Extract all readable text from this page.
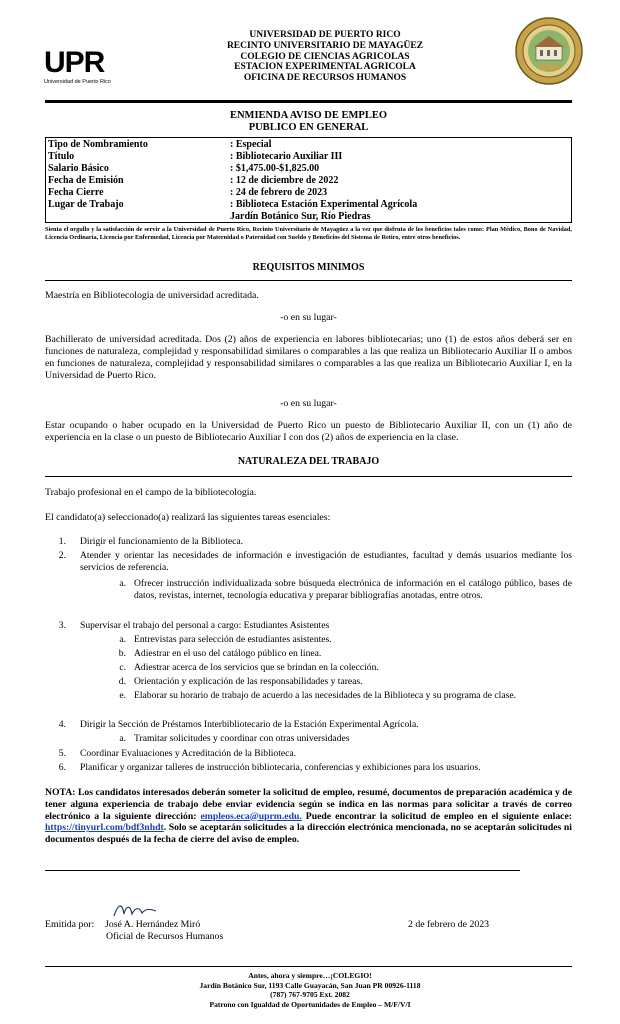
UPR
Universidad de Puerto Rico
UNIVERSIDAD DE PUERTO RICO
RECINTO UNIVERSITARIO DE MAYAGÜEZ
COLEGIO DE CIENCIAS AGRICOLAS
ESTACION EXPERIMENTAL AGRICOLA
OFICINA DE RECURSOS HUMANOS
ENMIENDA AVISO DE EMPLEO
PUBLICO EN GENERAL
Tipo de Nombramiento	: Especial
Título	: Bibliotecario Auxiliar III
Salario Básico	: $1,475.00-$1,825.00
Fecha de Emisión	: 12 de diciembre de 2022
Fecha Cierre	: 24 de febrero de 2023
Lugar de Trabajo	: Biblioteca Estación Experimental Agrícola
Jardín Botánico Sur, Río Piedras
Sienta el orgullo y la satisfacción de servir a la Universidad de Puerto Rico, Recinto Universitario de Mayagüez a la vez que disfruta de los beneficios tales como: Plan Médico, Bono de Navidad, Licencia Ordinaria, Licencia por Enfermedad, Licencia por Maternidad o Paternidad con Sueldo y Beneficios del Sistema de Retiro, entre otros beneficios.
REQUISITOS MINIMOS
Maestría en Bibliotecología de universidad acreditada.
-o en su lugar-
Bachillerato de universidad acreditada. Dos (2) años de experiencia en labores bibliotecarias; uno (1) de estos años deberá ser en funciones de naturaleza, complejidad y responsabilidad similares o comparables a las que realiza un Bibliotecario Auxiliar II o ambos en funciones de naturaleza, complejidad y responsabilidad similares o comparables a las que realiza un Bibliotecario Auxiliar I, en la Universidad de Puerto Rico.
-o en su lugar-
Estar ocupando o haber ocupado en la Universidad de Puerto Rico un puesto de Bibliotecario Auxiliar II, con un (1) año de experiencia en la clase o un puesto de Bibliotecario Auxiliar I con dos (2) años de experiencia en la clase.
NATURALEZA DEL TRABAJO
Trabajo profesional en el campo de la bibliotecología.
El candidato(a) seleccionado(a) realizará las siguientes tareas esenciales:
1. Dirigir el funcionamiento de la Biblioteca.
2. Atender y orientar las necesidades de información e investigación de estudiantes, facultad y demás usuarios mediante los servicios de referencia.
a. Ofrecer instrucción individualizada sobre búsqueda electrónica de información en el catálogo público, bases de datos, revistas, internet, tecnología educativa y preparar bibliografías anotadas, entre otros.
3. Supervisar el trabajo del personal a cargo: Estudiantes Asistentes
a. Entrevistas para selección de estudiantes asistentes.
b. Adiestrar en el uso del catálogo público en línea.
c. Adiestrar acerca de los servicios que se brindan en la colección.
d. Orientación y explicación de las responsabilidades y tareas.
e. Elaborar su horario de trabajo de acuerdo a las necesidades de la Biblioteca y su programa de clase.
4. Dirigir la Sección de Préstamos Interbibliotecario de la Estación Experimental Agrícola.
a. Tramitar solicitudes y coordinar con otras universidades
5. Coordinar Evaluaciones y Acreditación de la Biblioteca.
6. Planificar y organizar talleres de instrucción bibliotecaria, conferencias y exhibiciones para los usuarios.
NOTA: Los candidatos interesados deberán someter la solicitud de empleo, resumé, documentos de preparación académica y de tener alguna experiencia de trabajo debe enviar evidencia según se indica en las normas para solicitar a través de correo electrónico a la siguiente dirección: empleos.eca@uprm.edu. Puede encontrar la solicitud de empleo en el siguiente enlace: https://tinyurl.com/bdf3nhdt. Solo se aceptarán solicitudes a la dirección electrónica mencionada, no se aceptarán solicitudes ni documentos después de la fecha de cierre del aviso de empleo.
Emitida por: José A. Hernández Miró
Oficial de Recursos Humanos
2 de febrero de 2023
Antes, ahora y siempre…¡COLEGIO!
Jardín Botánico Sur, 1193 Calle Guayacán, San Juan PR 00926-1118
(787) 767-9705 Ext. 2082
Patrono con Igualdad de Oportunidades de Empleo – M/F/V/I
